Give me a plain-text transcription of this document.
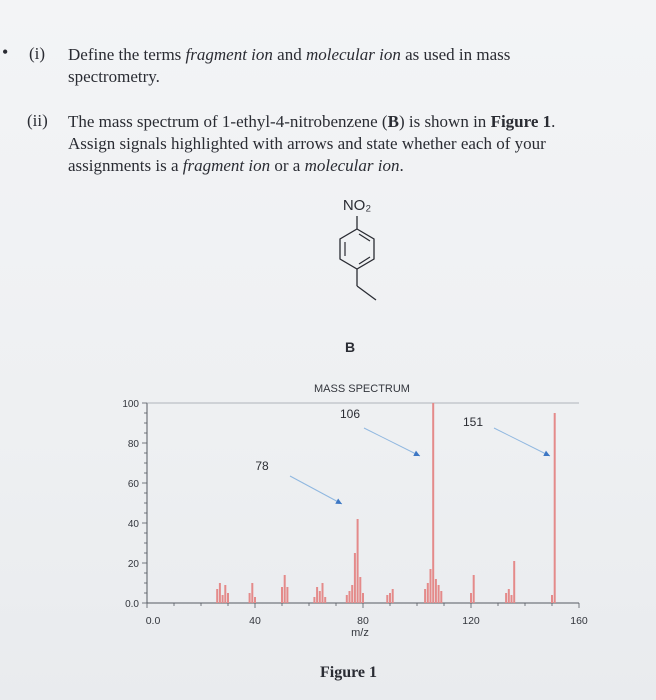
• (i) Define the terms fragment ion and molecular ion as used in mass
spectrometry.
(ii) The mass spectrum of 1-ethyl-4-nitrobenzene (B) is shown in Figure 1.
Assign signals highlighted with arrows and state whether each of your
assignments is a fragment ion or a molecular ion.
NO₂
B
MASS SPECTRUM
m/z
0.0
20
40
60
80
100
0.0	40	80	120	160
78
106
151
Figure 1
